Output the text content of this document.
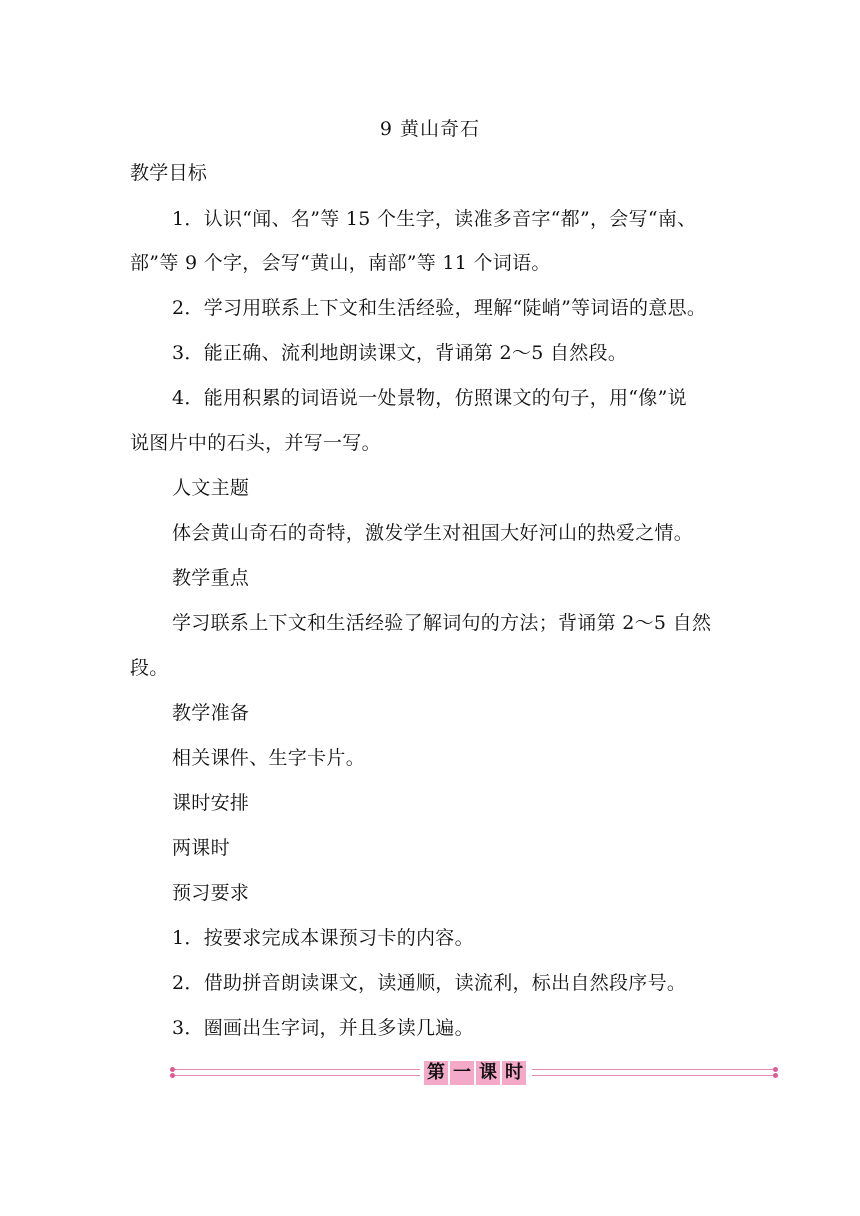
9 黄山奇石
教学目标
1．认识“闻、名”等 15 个生字，读准多音字“都”，会写“南、
部”等 9 个字，会写“黄山，南部”等 11 个词语。
2．学习用联系上下文和生活经验，理解“陡峭”等词语的意思。
3．能正确、流利地朗读课文，背诵第 2～5 自然段。
4．能用积累的词语说一处景物，仿照课文的句子，用“像”说
说图片中的石头，并写一写。
人文主题
体会黄山奇石的奇特，激发学生对祖国大好河山的热爱之情。
教学重点
学习联系上下文和生活经验了解词句的方法；背诵第 2～5 自然
段。
教学准备
相关课件、生字卡片。
课时安排
两课时
预习要求
1．按要求完成本课预习卡的内容。
2．借助拼音朗读课文，读通顺，读流利，标出自然段序号。
3．圈画出生字词，并且多读几遍。
第 一 课 时
